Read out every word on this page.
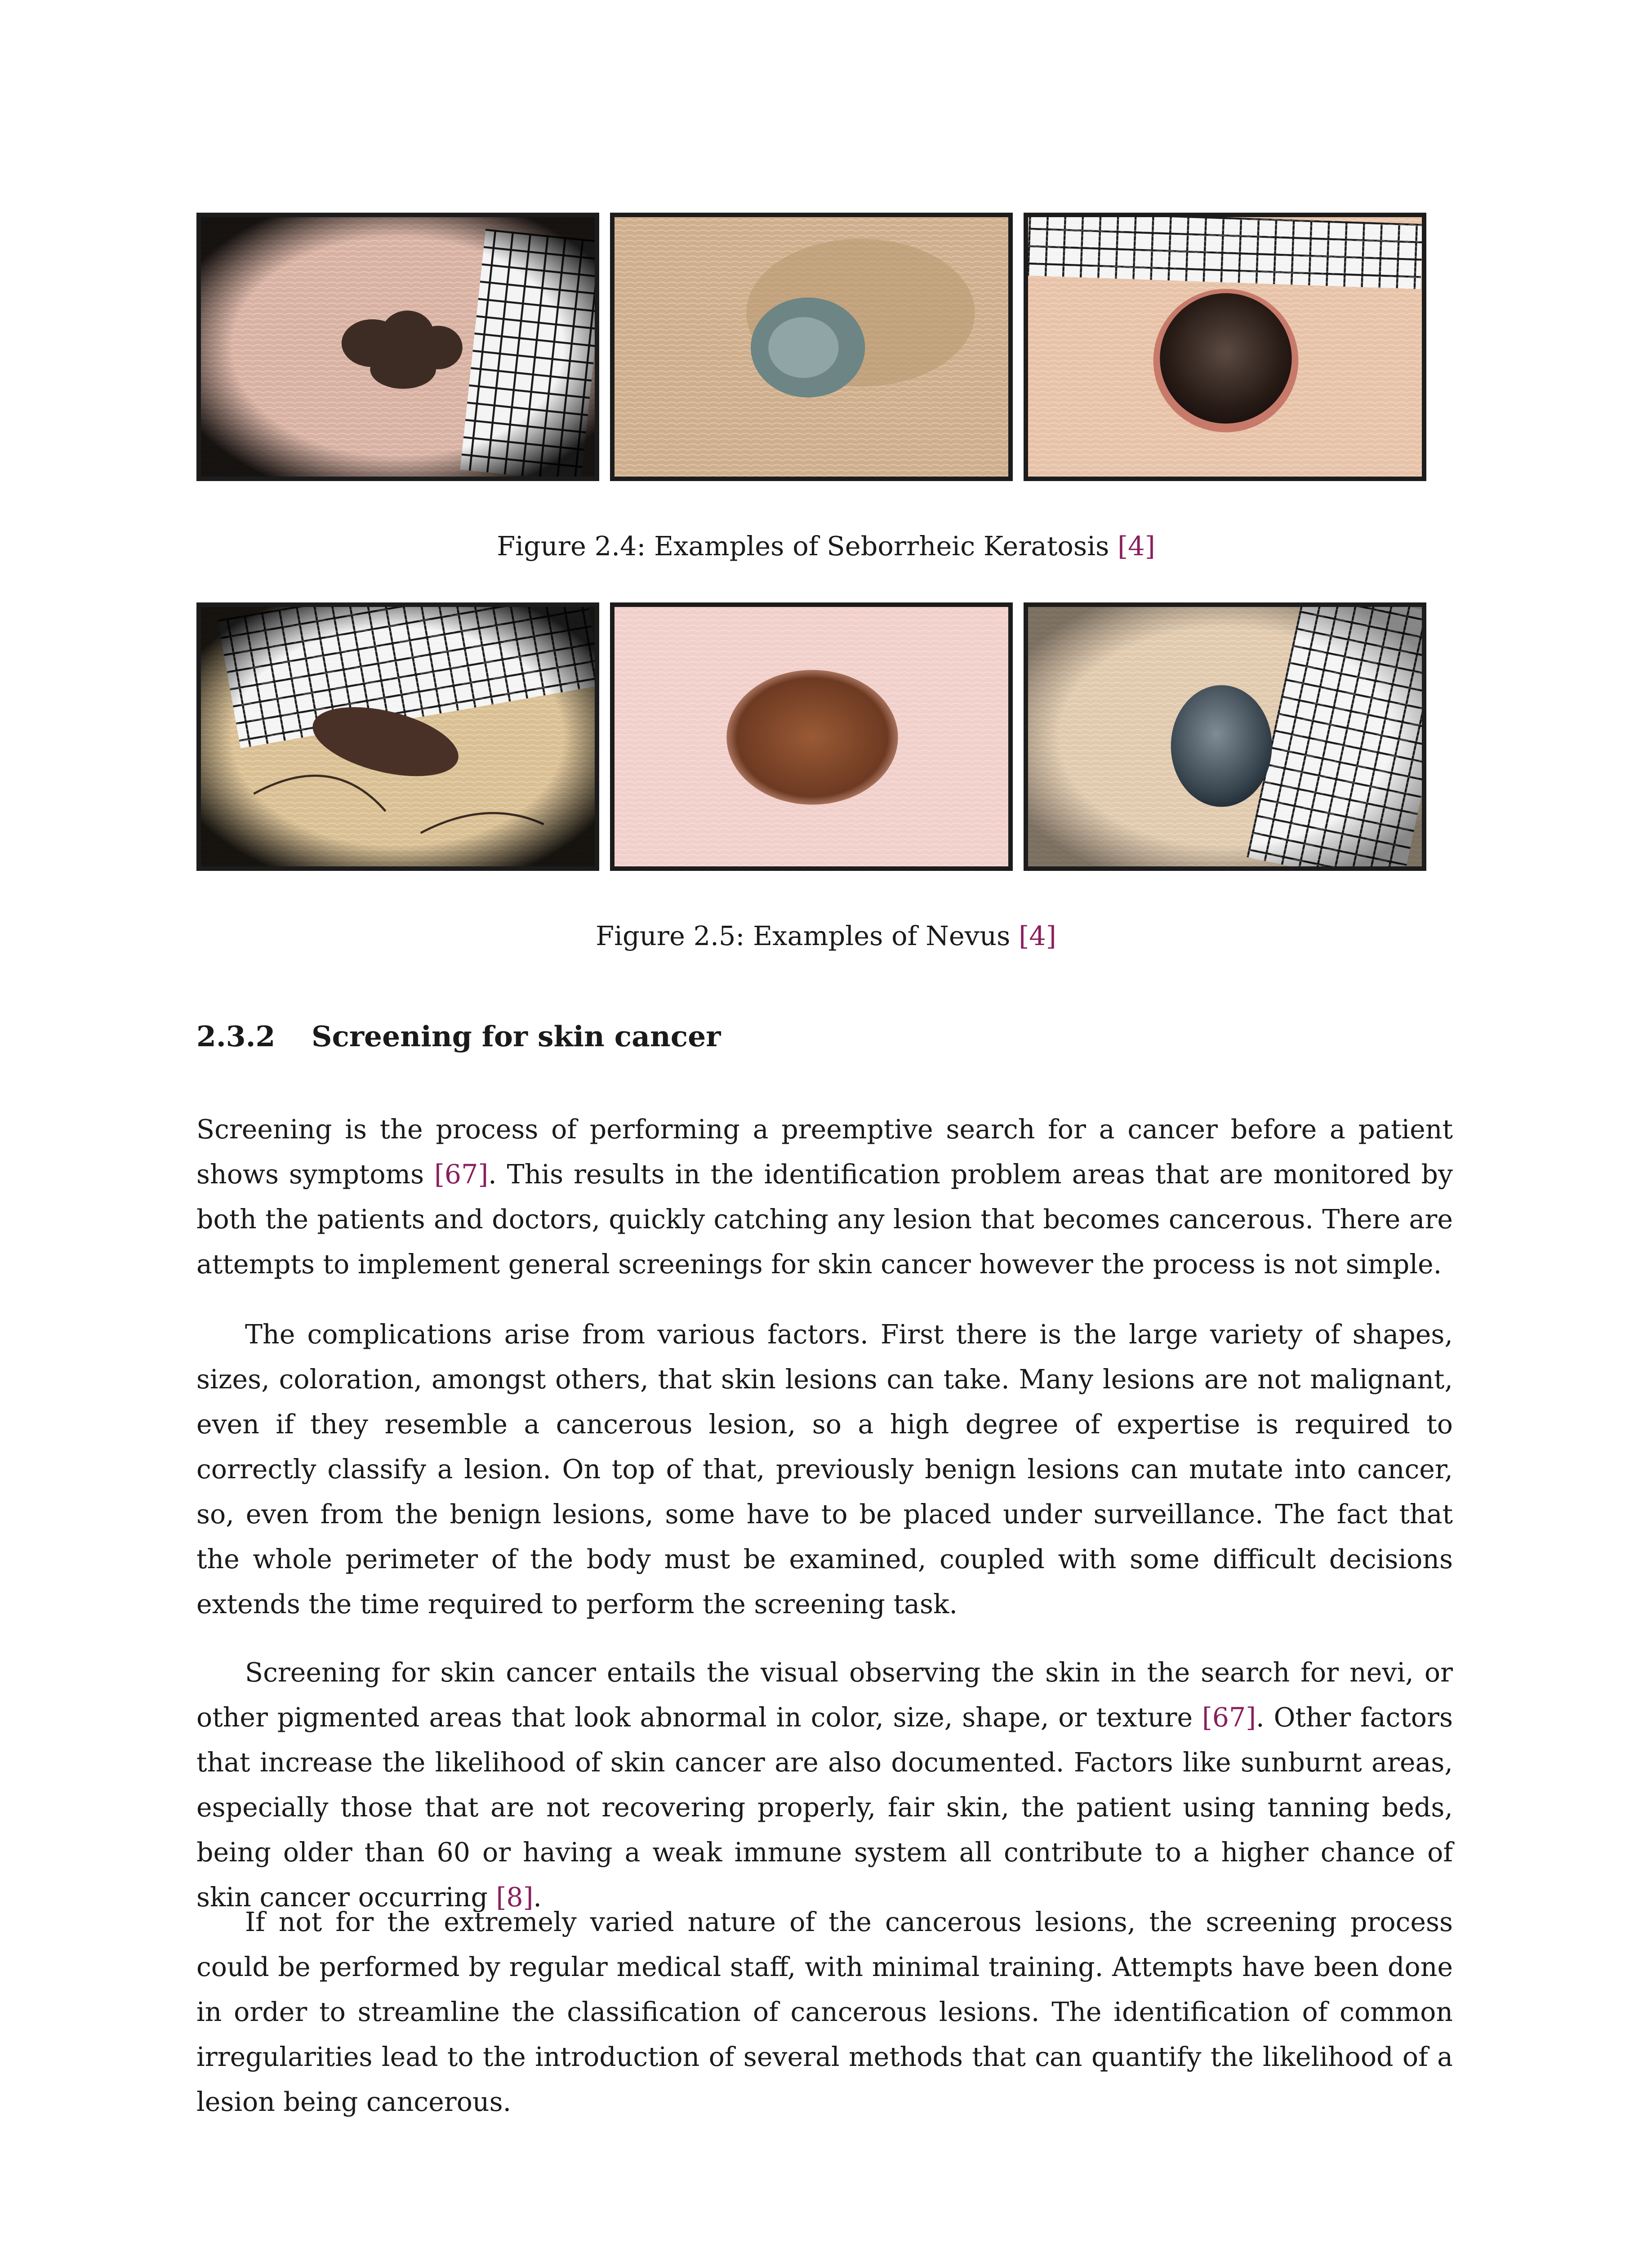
Figure 2.4: Examples of Seborrheic Keratosis [4]
Figure 2.5: Examples of Nevus [4]
2.3.2 Screening for skin cancer

Screening is the process of performing a preemptive search for a cancer before a patient shows symptoms [67]. This results in the identification problem areas that are monitored by both the patients and doctors, quickly catching any lesion that becomes cancerous. There are attempts to implement general screenings for skin cancer however the process is not simple.

The complications arise from various factors. First there is the large variety of shapes, sizes, coloration, amongst others, that skin lesions can take. Many lesions are not malignant, even if they resemble a cancerous lesion, so a high degree of expertise is required to correctly classify a lesion. On top of that, previously benign lesions can mutate into cancer, so, even from the benign lesions, some have to be placed under surveillance. The fact that the whole perimeter of the body must be examined, coupled with some difficult decisions extends the time required to perform the screening task.

Screening for skin cancer entails the visual observing the skin in the search for nevi, or other pigmented areas that look abnormal in color, size, shape, or texture [67]. Other factors that increase the likelihood of skin cancer are also documented. Factors like sunburnt areas, especially those that are not recovering properly, fair skin, the patient using tanning beds, being older than 60 or having a weak immune system all contribute to a higher chance of skin cancer occurring [8].

If not for the extremely varied nature of the cancerous lesions, the screening process could be performed by regular medical staff, with minimal training. Attempts have been done in order to streamline the classification of cancerous lesions. The identification of common irregularities lead to the introduction of several methods that can quantify the likelihood of a lesion being cancerous.
